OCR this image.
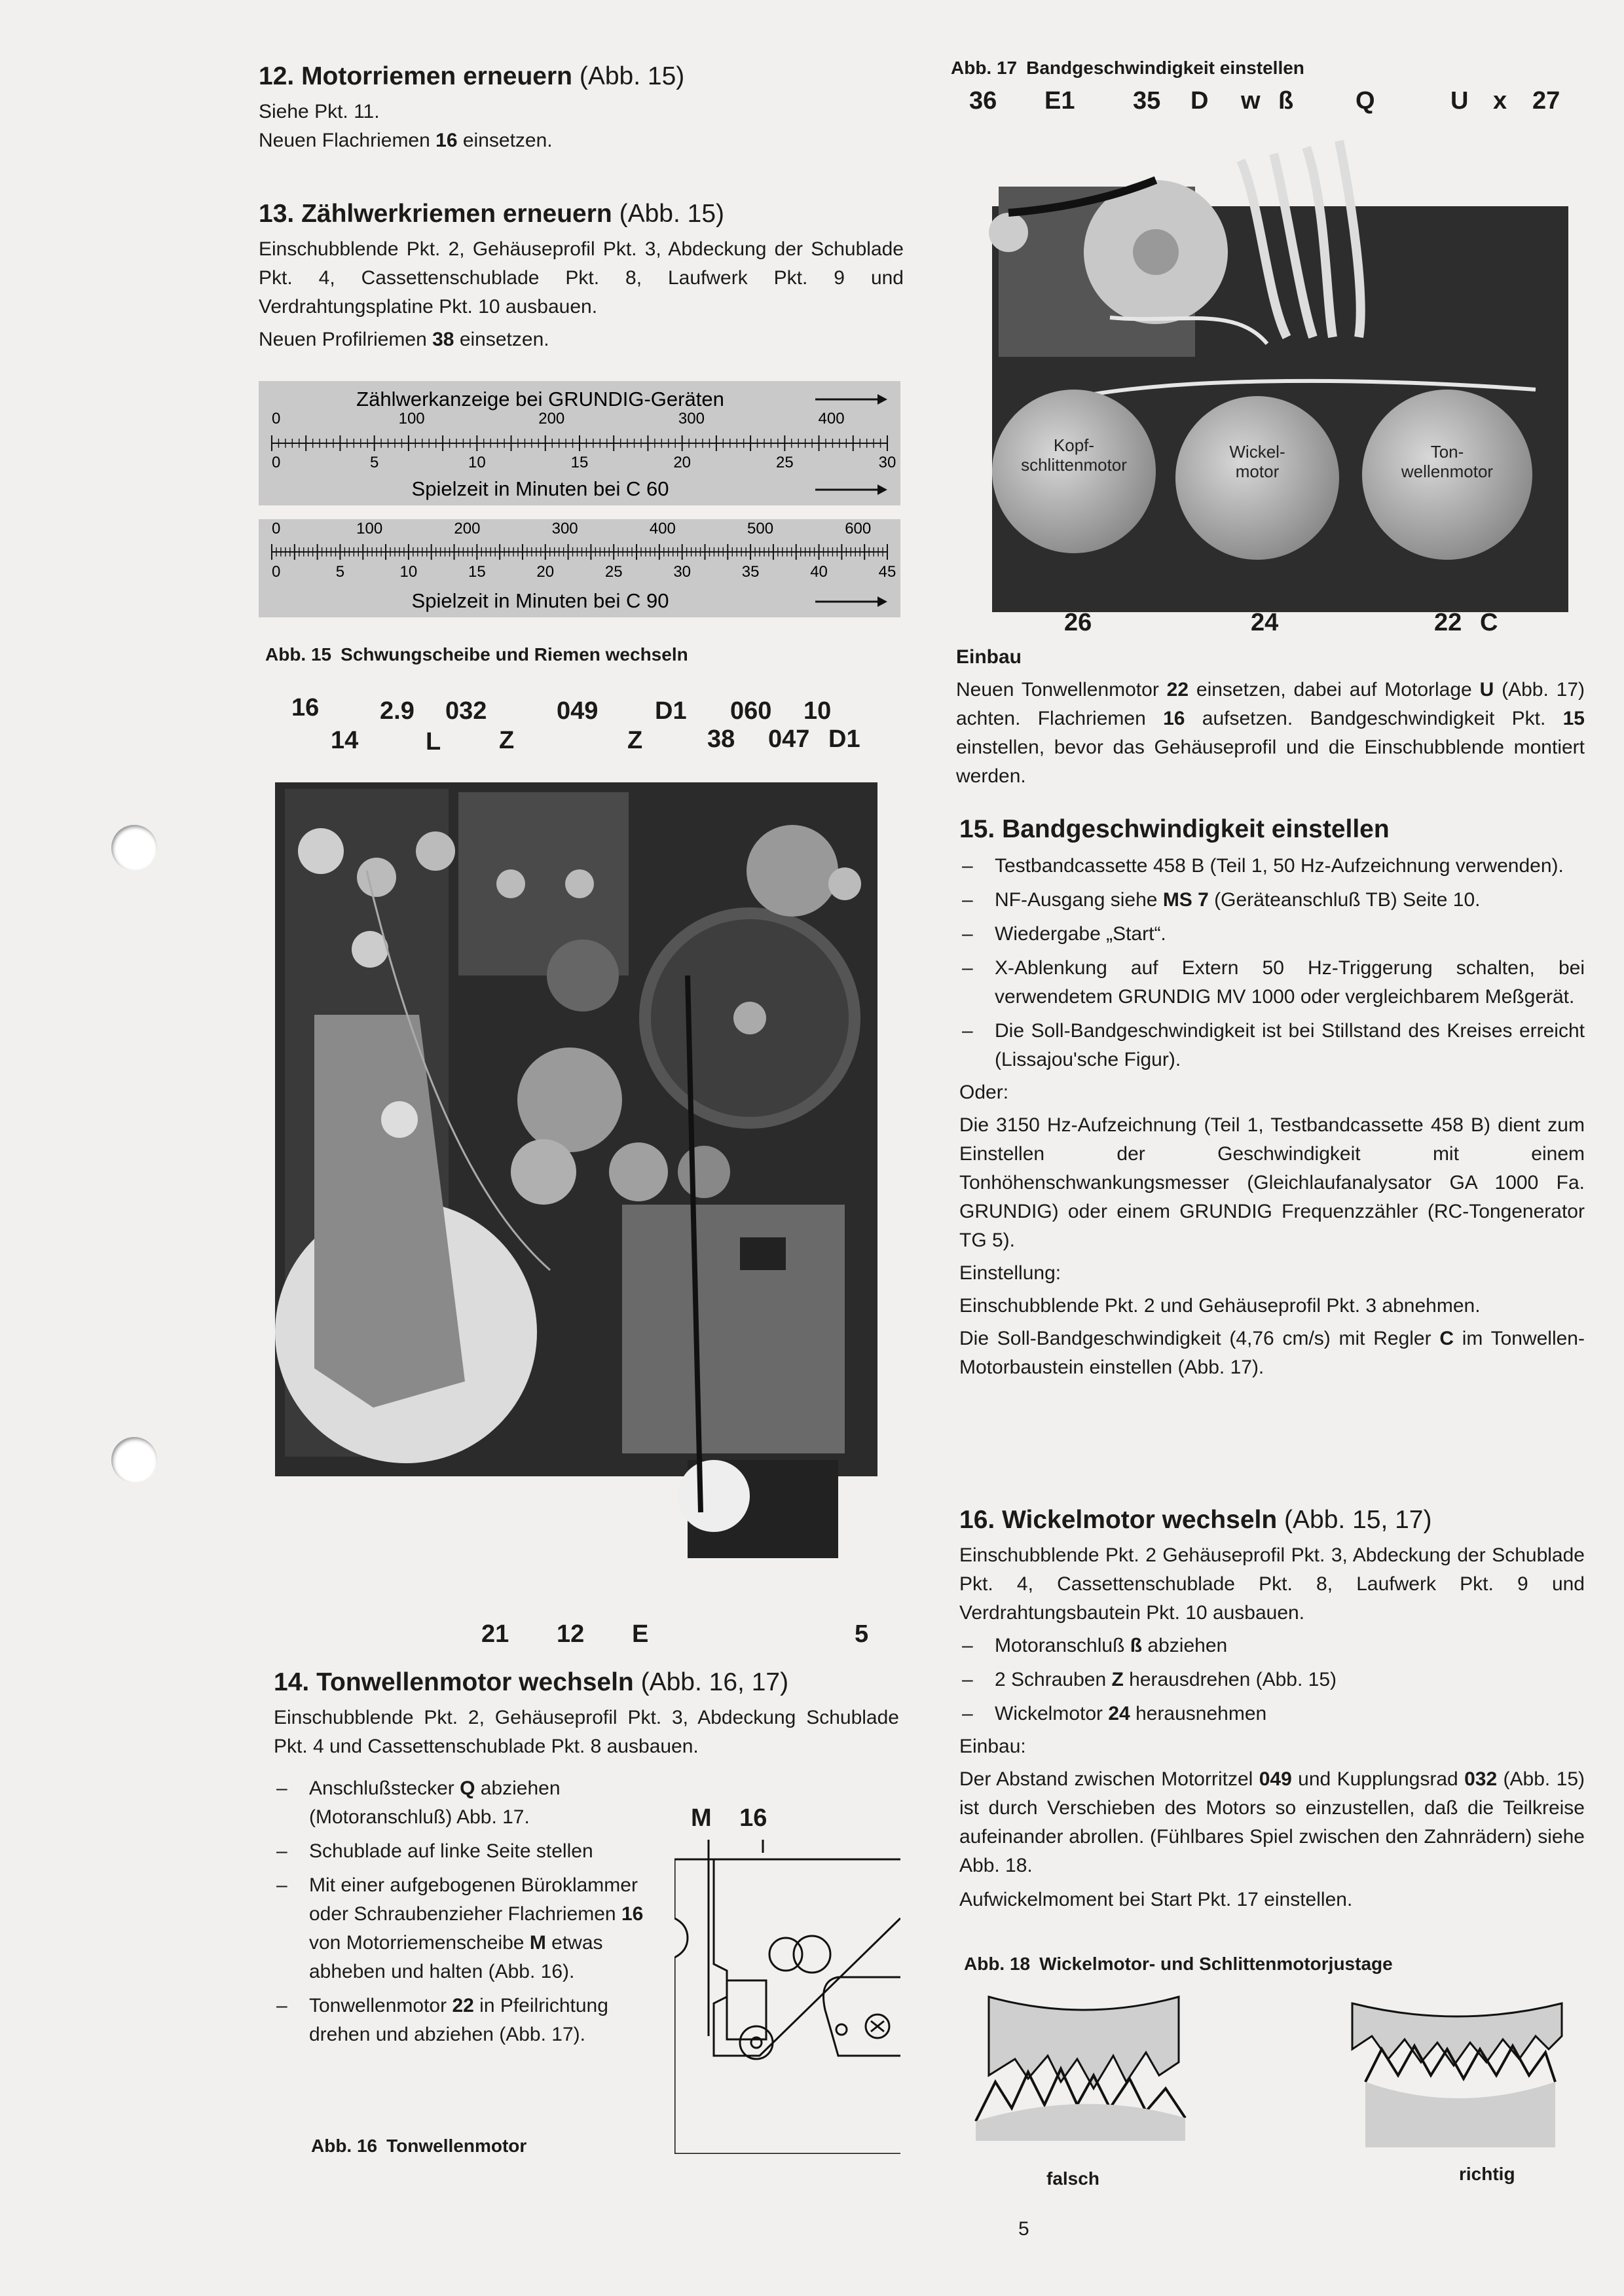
12. Motorriemen erneuern (Abb. 15)
Siehe Pkt. 11.
Neuen Flachriemen 16 einsetzen.
13. Zählwerkriemen erneuern (Abb. 15)
Einschubblende Pkt. 2, Gehäuseprofil Pkt. 3, Abdeckung der Schublade Pkt. 4, Cassettenschublade Pkt. 8, Laufwerk Pkt. 9 und Verdrahtungsplatine Pkt. 10 ausbauen.
Neuen Profilriemen 38 einsetzen.
Zählwerkanzeige bei GRUNDIG-Geräten
0	100	200	300	400
0	5	10	15	20	25	30
Spielzeit in Minuten bei C 60
0	100	200	300	400	500	600
0	5	10	15	20	25	30	35	40	45
Spielzeit in Minuten bei C 90
Abb. 15 Schwungscheibe und Riemen wechseln
16
14
2.9
L
032
Z
049
Z
D1
38
060 10
047 D1
21 12 E	5
14. Tonwellenmotor wechseln (Abb. 16, 17)
Einschubblende Pkt. 2, Gehäuseprofil Pkt. 3, Abdeckung Schublade Pkt. 4 und Cassettenschublade Pkt. 8 ausbauen.
– Anschlußstecker Q abziehen (Motoranschluß) Abb. 17.
– Schublade auf linke Seite stellen
– Mit einer aufgebogenen Büroklammer oder Schraubenzieher Flachriemen 16 von Motorriemenscheibe M etwas abheben und halten (Abb. 16).
– Tonwellenmotor 22 in Pfeilrichtung drehen und abziehen (Abb. 17).
M 16
Abb. 16 Tonwellenmotor
Abb. 17 Bandgeschwindigkeit einstellen
36 E1 35 D w ß Q	U x 27
Kopf-
schlittenmotor
Wickel-
motor
Ton-
wellenmotor
26	24	22 C
Einbau
Neuen Tonwellenmotor 22 einsetzen, dabei auf Motorlage U (Abb. 17) achten. Flachriemen 16 aufsetzen. Bandgeschwindigkeit Pkt. 15 einstellen, bevor das Gehäuseprofil und die Einschubblende montiert werden.
15. Bandgeschwindigkeit einstellen
– Testbandcassette 458 B (Teil 1, 50 Hz-Aufzeichnung verwenden).
– NF-Ausgang siehe MS 7 (Geräteanschluß TB) Seite 10.
– Wiedergabe „Start“.
– X-Ablenkung auf Extern 50 Hz-Triggerung schalten, bei verwendetem GRUNDIG MV 1000 oder vergleichbarem Meßgerät.
– Die Soll-Bandgeschwindigkeit ist bei Stillstand des Kreises erreicht (Lissajou'sche Figur).
Oder:
Die 3150 Hz-Aufzeichnung (Teil 1, Testbandcassette 458 B) dient zum Einstellen der Geschwindigkeit mit einem Tonhöhenschwankungsmesser (Gleichlaufanalysator GA 1000 Fa. GRUNDIG) oder einem GRUNDIG Frequenzzähler (RC-Tongenerator TG 5).
Einstellung:
Einschubblende Pkt. 2 und Gehäuseprofil Pkt. 3 abnehmen.
Die Soll-Bandgeschwindigkeit (4,76 cm/s) mit Regler C im Tonwellen-Motorbaustein einstellen (Abb. 17).
16. Wickelmotor wechseln (Abb. 15, 17)
Einschubblende Pkt. 2 Gehäuseprofil Pkt. 3, Abdeckung der Schublade Pkt. 4, Cassettenschublade Pkt. 8, Laufwerk Pkt. 9 und Verdrahtungsbautein Pkt. 10 ausbauen.
– Motoranschluß ß abziehen
– 2 Schrauben Z herausdrehen (Abb. 15)
– Wickelmotor 24 herausnehmen
Einbau:
Der Abstand zwischen Motorritzel 049 und Kupplungsrad 032 (Abb. 15) ist durch Verschieben des Motors so einzustellen, daß die Teilkreise aufeinander abrollen. (Fühlbares Spiel zwischen den Zahnrädern) siehe Abb. 18.
Aufwickelmoment bei Start Pkt. 17 einstellen.
Abb. 18 Wickelmotor- und Schlittenmotorjustage
falsch	richtig
5
